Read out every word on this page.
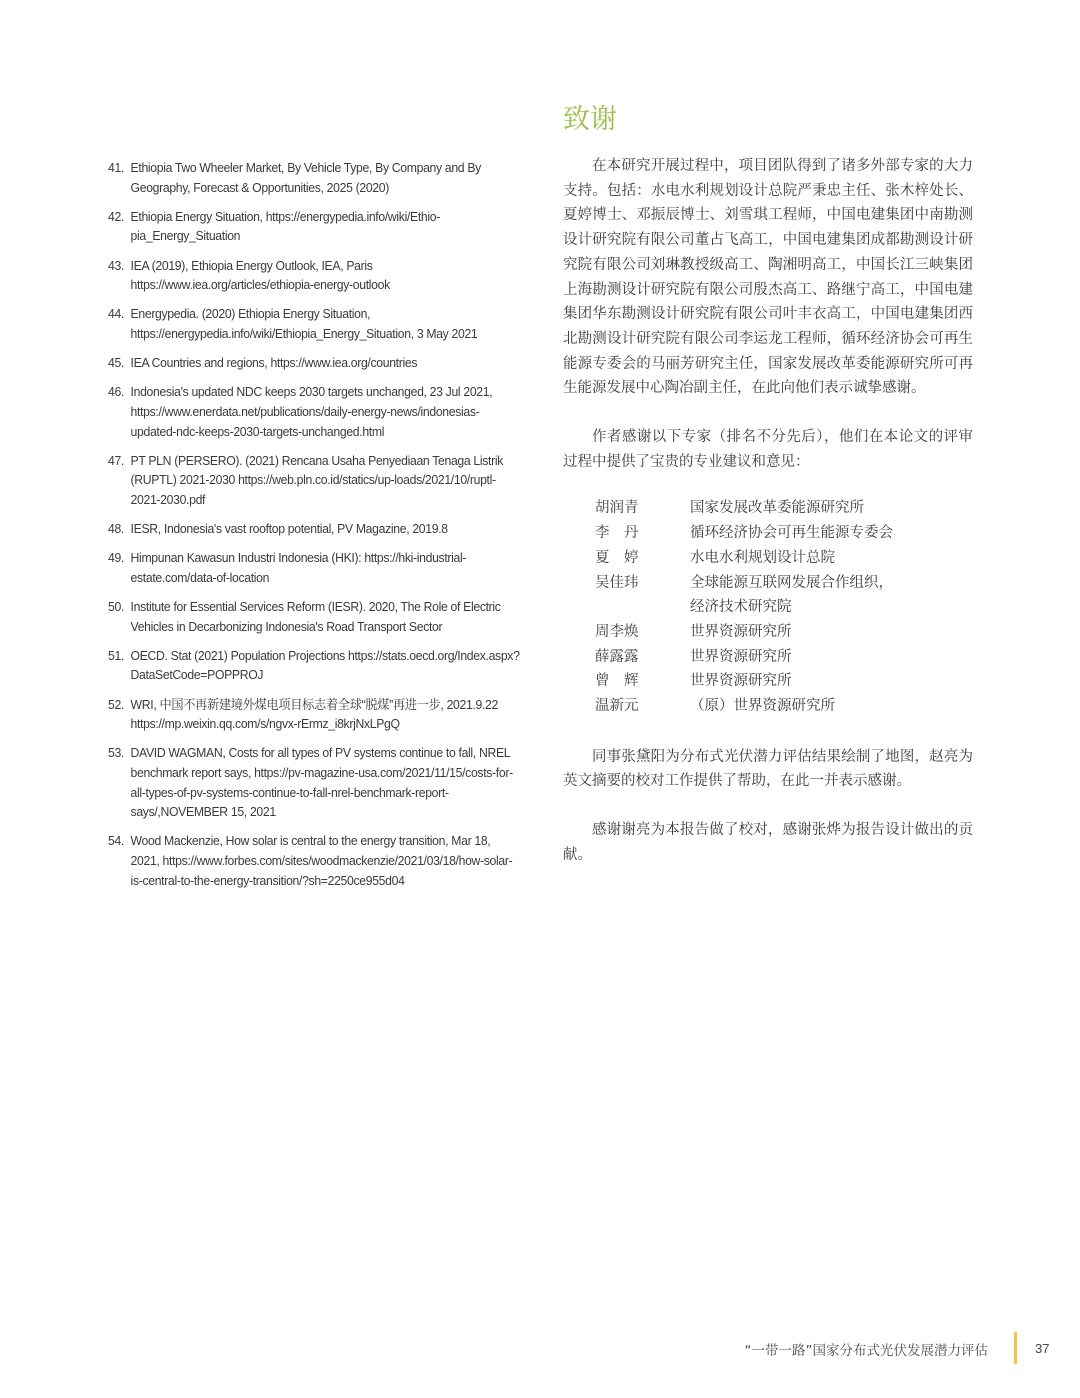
41. Ethiopia Two Wheeler Market, By Vehicle Type, By Company and By Geography, Forecast & Opportunities, 2025 (2020)
42. Ethiopia Energy Situation, https://energypedia.info/wiki/Ethio-pia_Energy_Situation
43. IEA (2019), Ethiopia Energy Outlook, IEA, Paris https://www.iea.org/articles/ethiopia-energy-outlook
44. Energypedia. (2020) Ethiopia Energy Situation, https://energypedia.info/wiki/Ethiopia_Energy_Situation, 3 May 2021
45. IEA Countries and regions, https://www.iea.org/countries
46. Indonesia's updated NDC keeps 2030 targets unchanged, 23 Jul 2021, https://www.enerdata.net/publications/daily-energy-news/indonesias-updated-ndc-keeps-2030-targets-unchanged.html
47. PT PLN (PERSERO). (2021) Rencana Usaha Penyediaan Tenaga Listrik (RUPTL) 2021-2030 https://web.pln.co.id/statics/up-loads/2021/10/ruptl-2021-2030.pdf
48. IESR, Indonesia's vast rooftop potential, PV Magazine, 2019.8
49. Himpunan Kawasun Industri Indonesia (HKI): https://hki-industrial-estate.com/data-of-location
50. Institute for Essential Services Reform (IESR). 2020, The Role of Electric Vehicles in Decarbonizing Indonesia's Road Transport Sector
51. OECD. Stat (2021) Population Projections https://stats.oecd.org/Index.aspx?DataSetCode=POPPROJ
52. WRI, 中国不再新建境外煤电项目标志着全球“脱煤”再进一步, 2021.9.22 https://mp.weixin.qq.com/s/ngvx-rErmz_i8krjNxLPgQ
53. DAVID WAGMAN, Costs for all types of PV systems continue to fall, NREL benchmark report says, https://pv-magazine-usa.com/2021/11/15/costs-for-all-types-of-pv-systems-continue-to-fall-nrel-benchmark-report-says/,NOVEMBER 15, 2021
54. Wood Mackenzie, How solar is central to the energy transition, Mar 18, 2021, https://www.forbes.com/sites/woodmackenzie/2021/03/18/how-solar-is-central-to-the-energy-transition/?sh=2250ce955d04
致谢

在本研究开展过程中，项目团队得到了诸多外部专家的大力支持。包括：水电水利规划设计总院严秉忠主任、张木梓处长、夏婷博士、邓振辰博士、刘雪琪工程师，中国电建集团中南勘测设计研究院有限公司董占飞高工，中国电建集团成都勘测设计研究院有限公司刘琳教授级高工、陶湘明高工，中国长江三峡集团上海勘测设计研究院有限公司殷杰高工、路继宁高工，中国电建集团华东勘测设计研究院有限公司叶丰衣高工，中国电建集团西北勘测设计研究院有限公司李运龙工程师，循环经济协会可再生能源专委会的马丽芳研究主任，国家发展改革委能源研究所可再生能源发展中心陶冶副主任，在此向他们表示诚挚感谢。

作者感谢以下专家（排名不分先后），他们在本论文的评审过程中提供了宝贵的专业建议和意见：

胡润青	国家发展改革委能源研究所
李　丹	循环经济协会可再生能源专委会
夏　婷	水电水利规划设计总院
吴佳玮	全球能源互联网发展合作组织，
经济技术研究院
周李焕	世界资源研究所
薛露露	世界资源研究所
曾　辉	世界资源研究所
温新元	（原）世界资源研究所

同事张黛阳为分布式光伏潜力评估结果绘制了地图，赵亮为英文摘要的校对工作提供了帮助，在此一并表示感谢。

感谢谢亮为本报告做了校对，感谢张烨为报告设计做出的贡献。

“一带一路”国家分布式光伏发展潜力评估	37
